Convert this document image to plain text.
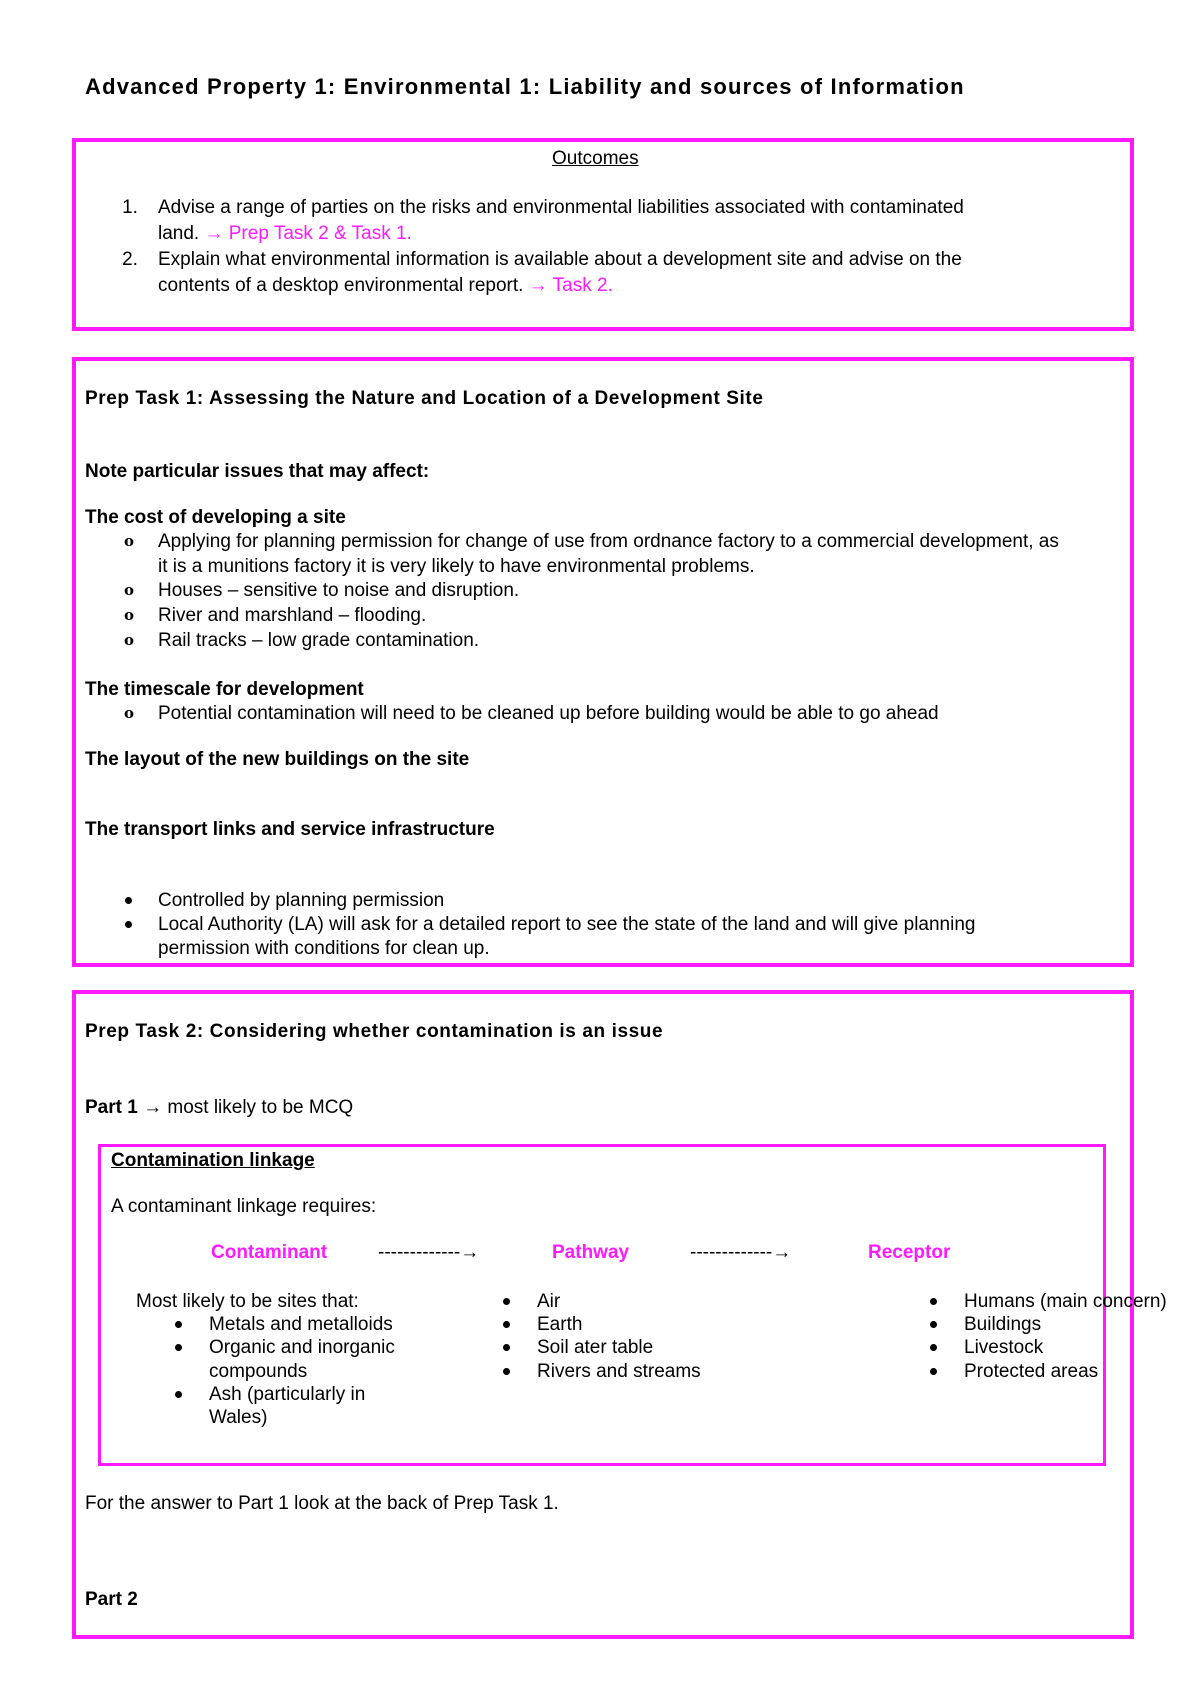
Advanced Property 1: Environmental 1: Liability and sources of Information
Outcomes
1. Advise a range of parties on the risks and environmental liabilities associated with contaminated
land. → Prep Task 2 & Task 1.
2. Explain what environmental information is available about a development site and advise on the
contents of a desktop environmental report. → Task 2.
Prep Task 1: Assessing the Nature and Location of a Development Site
Note particular issues that may affect:
The cost of developing a site
o Applying for planning permission for change of use from ordnance factory to a commercial development, as
it is a munitions factory it is very likely to have environmental problems.
o Houses – sensitive to noise and disruption.
o River and marshland – flooding.
o Rail tracks – low grade contamination.
The timescale for development
o Potential contamination will need to be cleaned up before building would be able to go ahead
The layout of the new buildings on the site
The transport links and service infrastructure
Controlled by planning permission
Local Authority (LA) will ask for a detailed report to see the state of the land and will give planning
permission with conditions for clean up.
Prep Task 2: Considering whether contamination is an issue
Part 1 → most likely to be MCQ
Contamination linkage
A contaminant linkage requires:
Contaminant	-------------→	Pathway	-------------→	Receptor
Most likely to be sites that:
Metals and metalloids
Organic and inorganic
compounds
Ash (particularly in
Wales)
Air
Earth
Soil ater table
Rivers and streams
Humans (main concern)
Buildings
Livestock
Protected areas
For the answer to Part 1 look at the back of Prep Task 1.
Part 2
